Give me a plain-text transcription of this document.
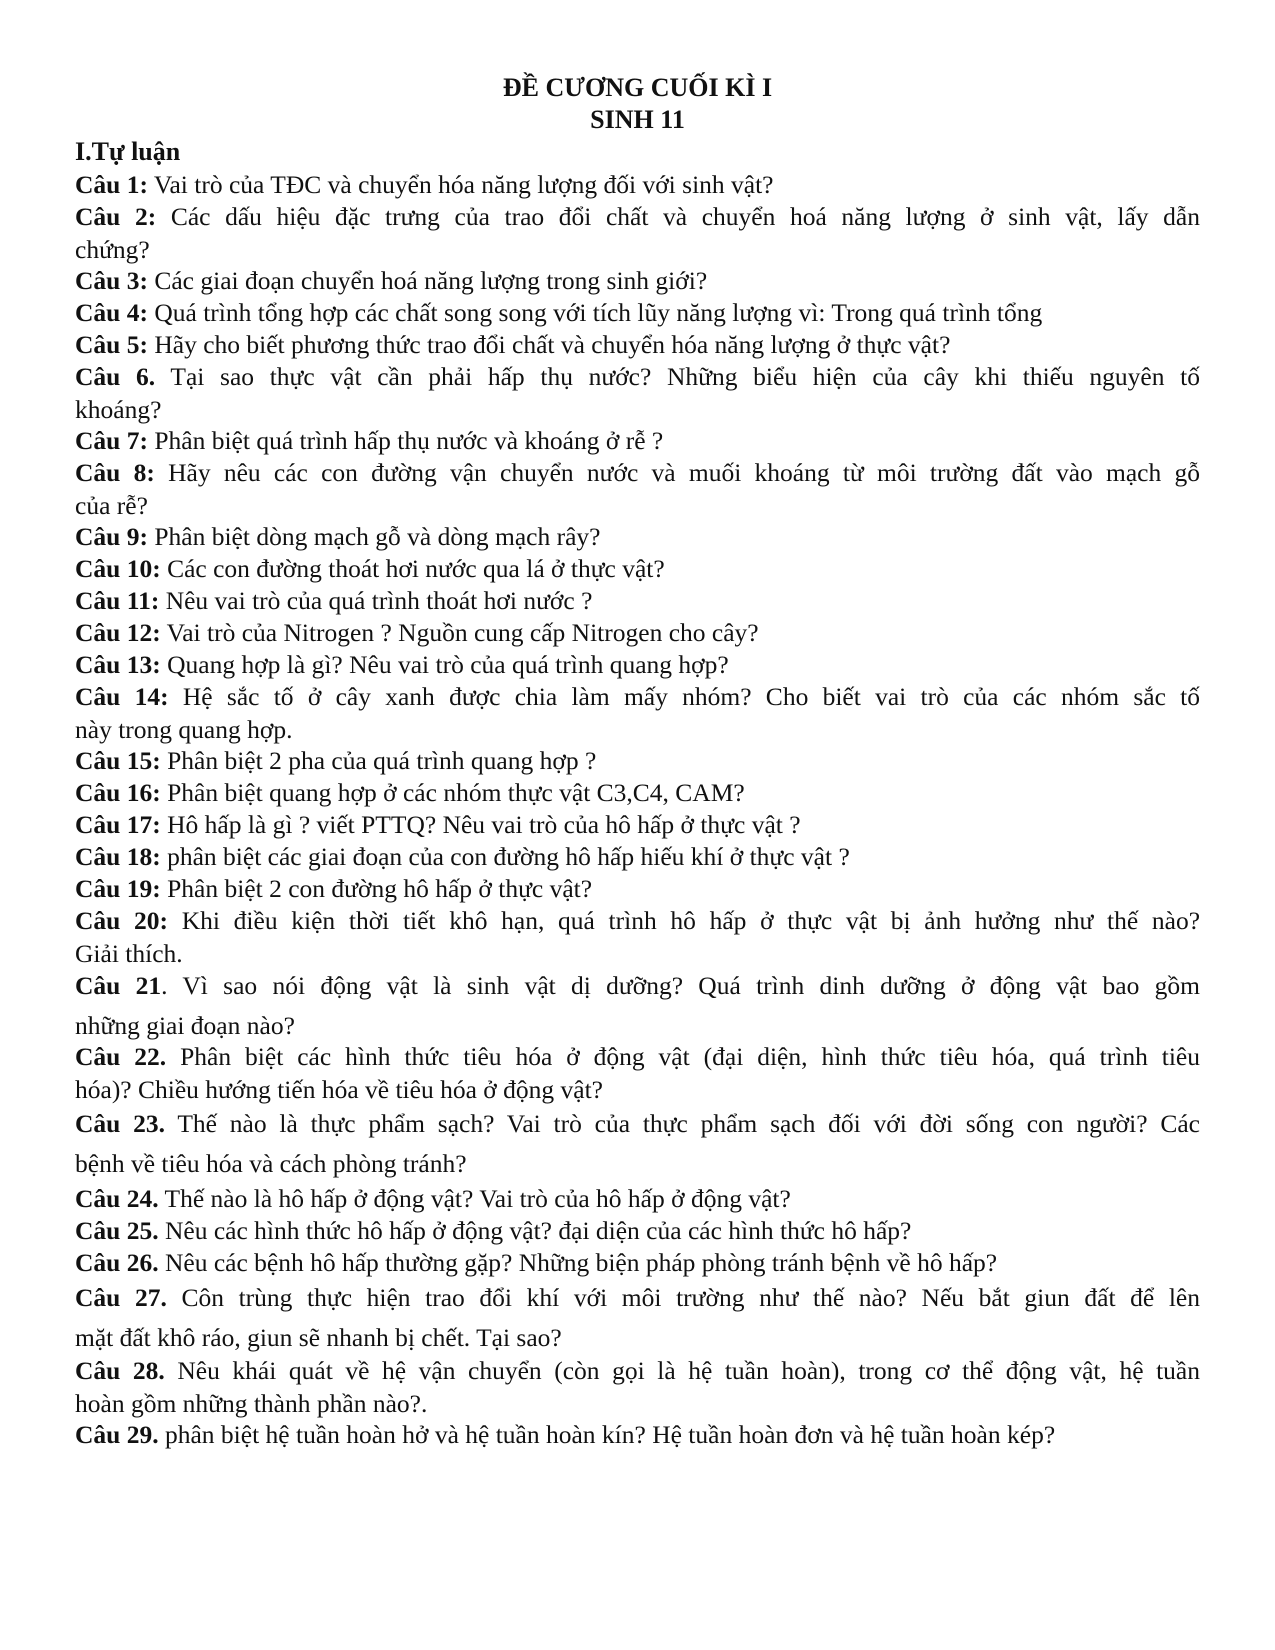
ĐỀ CƯƠNG CUỐI KÌ I
SINH 11
I.Tự luận
Câu 1: Vai trò của TĐC và chuyển hóa năng lượng đối với sinh vật?
Câu 2: Các dấu hiệu đặc trưng của trao đổi chất và chuyển hoá năng lượng ở sinh vật, lấy dẫn
chứng?
Câu 3: Các giai đoạn chuyển hoá năng lượng trong sinh giới?
Câu 4: Quá trình tổng hợp các chất song song với tích lũy năng lượng vì: Trong quá trình tổng
Câu 5: Hãy cho biết phương thức trao đổi chất và chuyển hóa năng lượng ở thực vật?
Câu 6. Tại sao thực vật cần phải hấp thụ nước? Những biểu hiện của cây khi thiếu nguyên tố
khoáng?
Câu 7: Phân biệt quá trình hấp thụ nước và khoáng ở rễ ?
Câu 8: Hãy nêu các con đường vận chuyển nước và muối khoáng từ môi trường đất vào mạch gỗ
của rễ?
Câu 9: Phân biệt dòng mạch gỗ và dòng mạch rây?
Câu 10: Các con đường thoát hơi nước qua lá ở thực vật?
Câu 11: Nêu vai trò của quá trình thoát hơi nước ?
Câu 12: Vai trò của Nitrogen ? Nguồn cung cấp Nitrogen cho cây?
Câu 13: Quang hợp là gì? Nêu vai trò của quá trình quang hợp?
Câu 14: Hệ sắc tố ở cây xanh được chia làm mấy nhóm? Cho biết vai trò của các nhóm sắc tố
này trong quang hợp.
Câu 15: Phân biệt 2 pha của quá trình quang hợp ?
Câu 16: Phân biệt quang hợp ở các nhóm thực vật C3,C4, CAM?
Câu 17: Hô hấp là gì ? viết PTTQ? Nêu vai trò của hô hấp ở thực vật ?
Câu 18: phân biệt các giai đoạn của con đường hô hấp hiếu khí ở thực vật ?
Câu 19: Phân biệt 2 con đường hô hấp ở thực vật?
Câu 20: Khi điều kiện thời tiết khô hạn, quá trình hô hấp ở thực vật bị ảnh hưởng như thế nào?
Giải thích.
Câu 21. Vì sao nói động vật là sinh vật dị dưỡng? Quá trình dinh dưỡng ở động vật bao gồm
những giai đoạn nào?
Câu 22. Phân biệt các hình thức tiêu hóa ở động vật (đại diện, hình thức tiêu hóa, quá trình tiêu
hóa)? Chiều hướng tiến hóa về tiêu hóa ở động vật?
Câu 23. Thế nào là thực phẩm sạch? Vai trò của thực phẩm sạch đối với đời sống con người? Các
bệnh về tiêu hóa và cách phòng tránh?
Câu 24. Thế nào là hô hấp ở động vật? Vai trò của hô hấp ở động vật?
Câu 25. Nêu các hình thức hô hấp ở động vật? đại diện của các hình thức hô hấp?
Câu 26. Nêu các bệnh hô hấp thường gặp? Những biện pháp phòng tránh bệnh về hô hấp?
Câu 27. Côn trùng thực hiện trao đổi khí với môi trường như thế nào? Nếu bắt giun đất để lên
mặt đất khô ráo, giun sẽ nhanh bị chết. Tại sao?
Câu 28. Nêu khái quát về hệ vận chuyển (còn gọi là hệ tuần hoàn), trong cơ thể động vật, hệ tuần
hoàn gồm những thành phần nào?.
Câu 29. phân biệt hệ tuần hoàn hở và hệ tuần hoàn kín? Hệ tuần hoàn đơn và hệ tuần hoàn kép?
